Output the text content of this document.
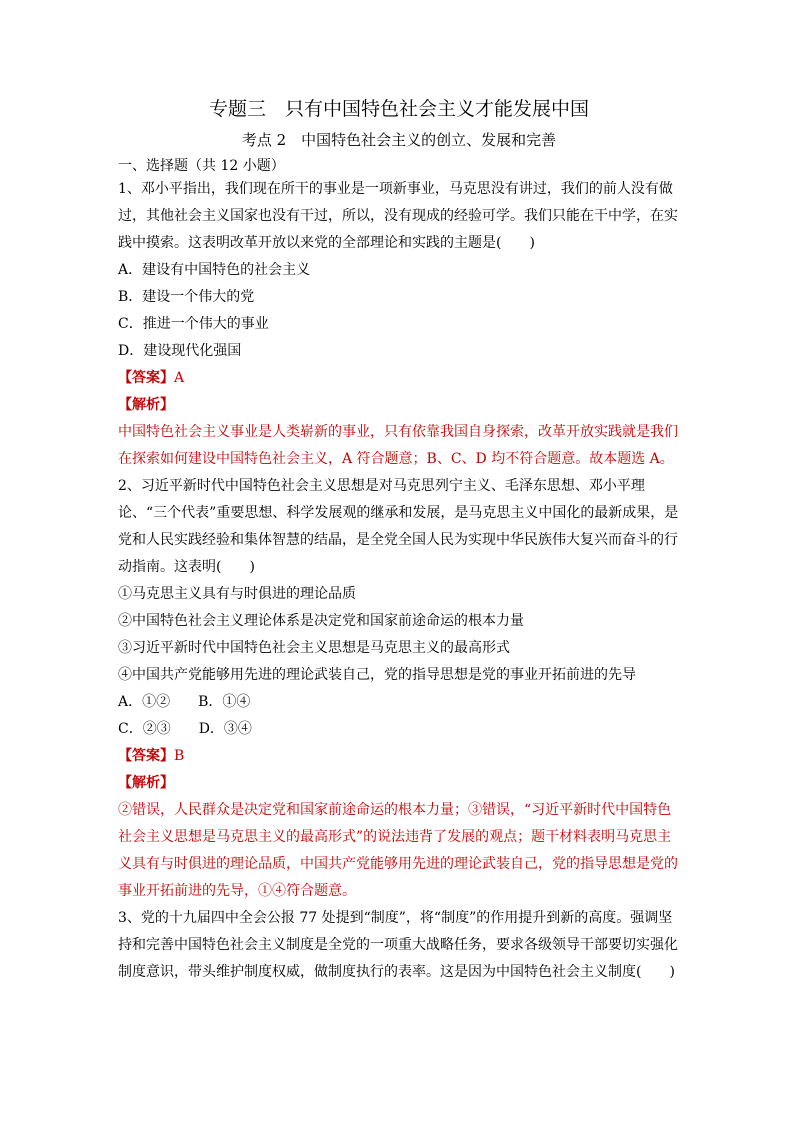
专题三　只有中国特色社会主义才能发展中国
考点 2　中国特色社会主义的创立、发展和完善

一、选择题（共 12 小题）

1、邓小平指出，我们现在所干的事业是一项新事业，马克思没有讲过，我们的前人没有做过，其他社会主义国家也没有干过，所以，没有现成的经验可学。我们只能在干中学，在实践中摸索。这表明改革开放以来党的全部理论和实践的主题是(　　)

A．建设有中国特色的社会主义

B．建设一个伟大的党

C．推进一个伟大的事业

D．建设现代化强国

【答案】A

【解析】

中国特色社会主义事业是人类崭新的事业，只有依靠我国自身探索，改革开放实践就是我们在探索如何建设中国特色社会主义，A 符合题意；B、C、D 均不符合题意。故本题选 A。

2、习近平新时代中国特色社会主义思想是对马克思列宁主义、毛泽东思想、邓小平理论、“三个代表”重要思想、科学发展观的继承和发展，是马克思主义中国化的最新成果，是党和人民实践经验和集体智慧的结晶，是全党全国人民为实现中华民族伟大复兴而奋斗的行动指南。这表明(　　)

①马克思主义具有与时俱进的理论品质

②中国特色社会主义理论体系是决定党和国家前途命运的根本力量

③习近平新时代中国特色社会主义思想是马克思主义的最高形式

④中国共产党能够用先进的理论武装自己，党的指导思想是党的事业开拓前进的先导

A．①②　　B．①④

C．②③　　D．③④

【答案】B

【解析】

②错误，人民群众是决定党和国家前途命运的根本力量；③错误，“习近平新时代中国特色社会主义思想是马克思主义的最高形式”的说法违背了发展的观点；题干材料表明马克思主义具有与时俱进的理论品质，中国共产党能够用先进的理论武装自己，党的指导思想是党的事业开拓前进的先导，①④符合题意。

3、党的十九届四中全会公报 77 处提到“制度”，将“制度”的作用提升到新的高度。强调坚持和完善中国特色社会主义制度是全党的一项重大战略任务，要求各级领导干部要切实强化制度意识，带头维护制度权威，做制度执行的表率。这是因为中国特色社会主义制度(　　)
